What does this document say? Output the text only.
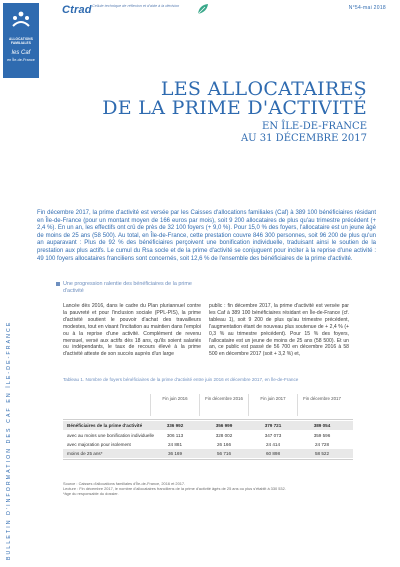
ALLOCATIONS
FAMILIALES
les Caf
en Île-de-France
Ctrad Cellule technique de réflexion et d'aide à la décision	N°54-mai 2018
BULLETIN D'INFORMATION DES CAF EN ÎLE-DE-FRANCE
LES ALLOCATAIRES
DE LA PRIME D'ACTIVITÉ
EN ÎLE-DE-FRANCE
AU 31 DÉCEMBRE 2017
Fin décembre 2017, la prime d'activité est versée par les Caisses d'allocations familiales (Caf) à 389 100 bénéficiaires résidant en Île-de-France (pour un montant moyen de 166 euros par mois), soit 9 200 allocataires de plus qu'au trimestre précédent (+ 2,4 %). En un an, les effectifs ont crû de près de 32 100 foyers (+ 9,0 %). Pour 15,0 % des foyers, l'allocataire est un jeune âgé de moins de 25 ans (58 500). Au total, en Île-de-France, cette prestation couvre 846 300 personnes, soit 96 200 de plus qu'un an auparavant : Plus de 92 % des bénéficiaires perçoivent une bonification individuelle, traduisant ainsi le soutien de la prestation aux plus actifs. Le cumul du Rsa socle et de la prime d'activité se conjuguent pour inciter à la reprise d'une activité : 49 100 foyers allocataires franciliens sont concernés, soit 12,6 % de l'ensemble des bénéficiaires de la prime d'activité.
Une progression ralentie des bénéficiaires de la prime d'activité
Lancée dès 2016, dans le cadre du Plan pluriannuel contre la pauvreté et pour l'inclusion sociale (PPL-PIS), la prime d'activité soutient le pouvoir d'achat des travailleurs modestes, tout en visant l'incitation au maintien dans l'emploi ou à la reprise d'une activité. Complément de revenu mensuel, versé aux actifs dès 18 ans, qu'ils soient salariés ou indépendants, le taux de recours élevé à la prime d'activité atteste de son succès auprès d'un large
public : fin décembre 2017, la prime d'activité est versée par les Caf à 389 100 bénéficiaires résidant en Île-de-France (cf. tableau 1), soit 9 200 de plus qu'au trimestre précédent, l'augmentation étant de nouveau plus soutenue de + 2,4 % (+ 0,3 % au trimestre précédent). Pour 15 % des foyers, l'allocataire est un jeune de moins de 25 ans (58 500). Et un an, ce public est passé de 56 700 en décembre 2016 à 58 500 en décembre 2017 (soit + 3,2 %) et,
Tableau 1. Nombre de foyers bénéficiaires de la prime d'activité entre juin 2016 et décembre 2017, en Île-de-France
Fin juin 2016	Fin décembre 2016	Fin juin 2017	Fin décembre 2017
Bénéficiaires de la prime d'activité	336 992	356 999	379 721	389 054
avec au moins une bonification individuelle	306 113	328 002	347 073	359 596
avec majoration pour isolement	24 881	26 166	24 414	24 728
moins de 25 ans*	36 169	56 716	60 898	58 522
Source : Caisses d'allocations familiales d'Île-de-France, 2016 et 2017.
Lecture : Fin décembre 2017, le nombre d'allocataires franciliens de la prime d'activité âgés de 25 ans ou plus s'établit à 330 532.
*âge du responsable du dossier.
